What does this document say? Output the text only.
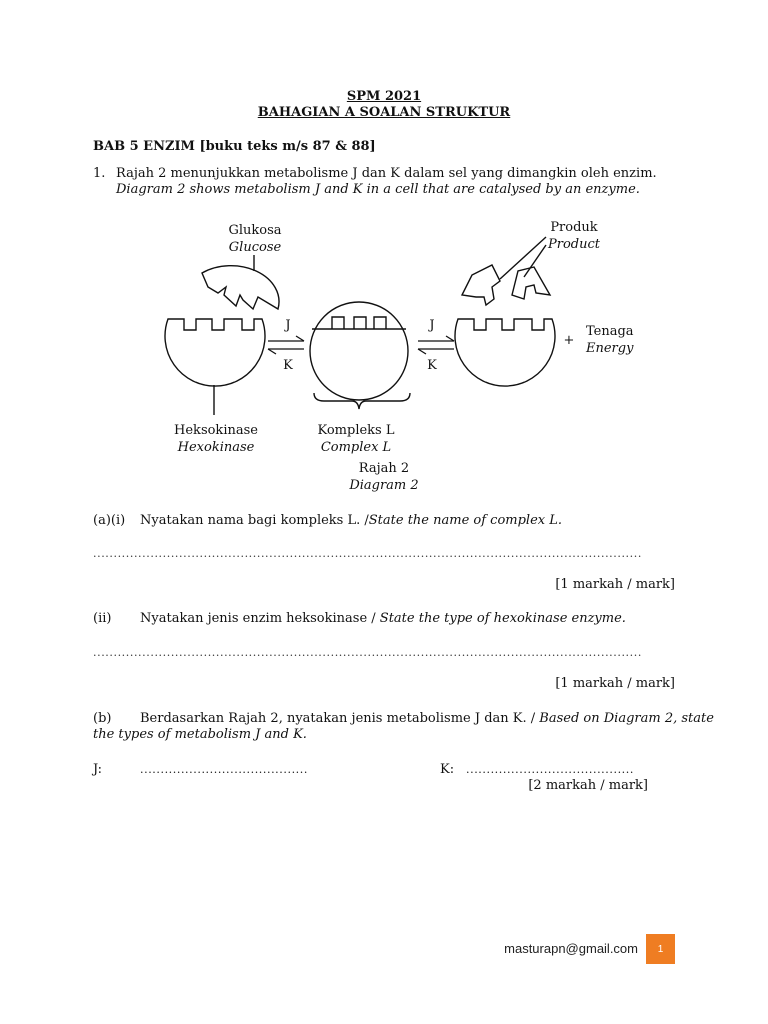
SPM 2021
BAHAGIAN A SOALAN STRUKTUR
BAB 5 ENZIM [buku teks m/s 87 & 88]
1. Rajah 2 menunjukkan metabolisme J dan K dalam sel yang dimangkin oleh enzim.
Diagram 2 shows metabolism J and K in a cell that are catalysed by an enzyme.
Glukosa
Glucose
Produk
Product
J
K
J
K
+
Tenaga
Energy
Heksokinase
Hexokinase
Kompleks L
Complex L
Rajah 2
Diagram 2
(a)(i) Nyatakan nama bagi kompleks L. /State the name of complex L.
......................................................................................................................................
[1 markah / mark]
(ii) Nyatakan jenis enzim heksokinase / State the type of hexokinase enzyme.
......................................................................................................................................
[1 markah / mark]
(b) Berdasarkan Rajah 2, nyatakan jenis metabolisme J dan K. / Based on Diagram 2, state
the types of metabolism J and K.
J:	.........................................	K: .........................................
[2 markah / mark]
masturapn@gmail.com	1
